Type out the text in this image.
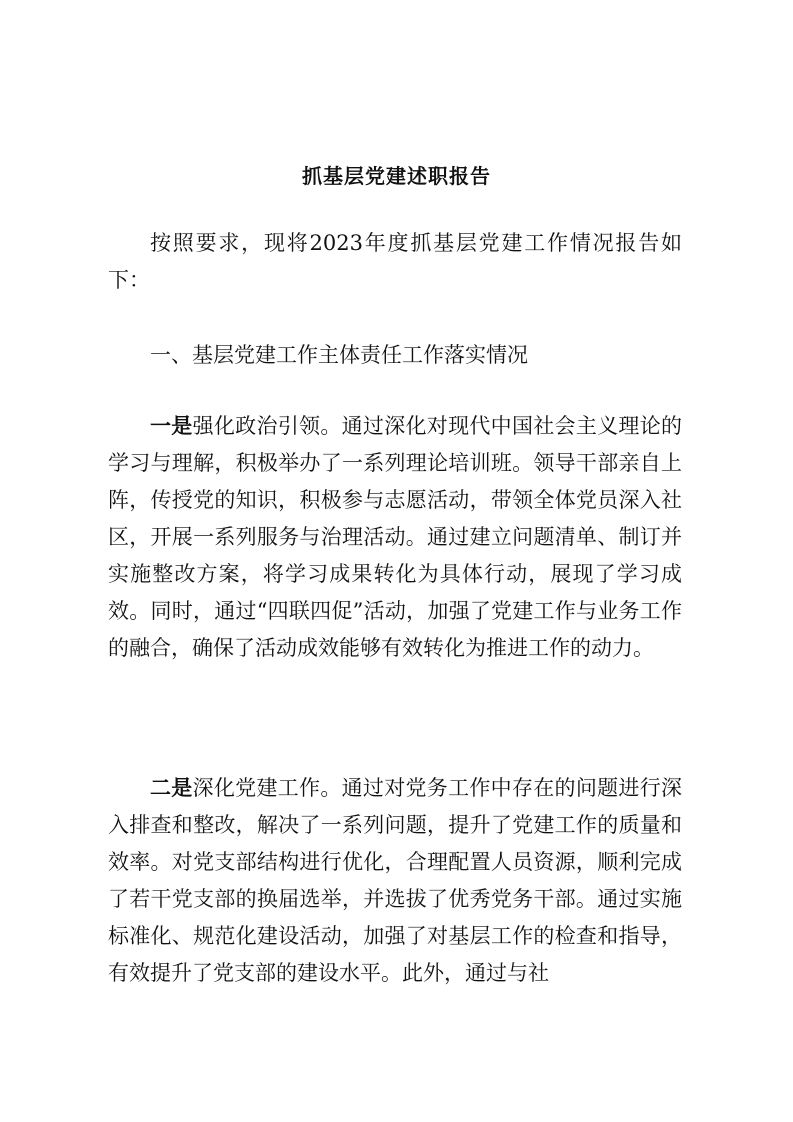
抓基层党建述职报告

按照要求，现将2023年度抓基层党建工作情况报告如下：

一、基层党建工作主体责任工作落实情况

一是强化政治引领。通过深化对现代中国社会主义理论的学习与理解，积极举办了一系列理论培训班。领导干部亲自上阵，传授党的知识，积极参与志愿活动，带领全体党员深入社区，开展一系列服务与治理活动。通过建立问题清单、制订并实施整改方案，将学习成果转化为具体行动，展现了学习成效。同时，通过“四联四促”活动，加强了党建工作与业务工作的融合，确保了活动成效能够有效转化为推进工作的动力。

二是深化党建工作。通过对党务工作中存在的问题进行深入排查和整改，解决了一系列问题，提升了党建工作的质量和效率。对党支部结构进行优化，合理配置人员资源，顺利完成了若干党支部的换届选举，并选拔了优秀党务干部。通过实施标准化、规范化建设活动，加强了对基层工作的检查和指导，有效提升了党支部的建设水平。此外，通过与社
